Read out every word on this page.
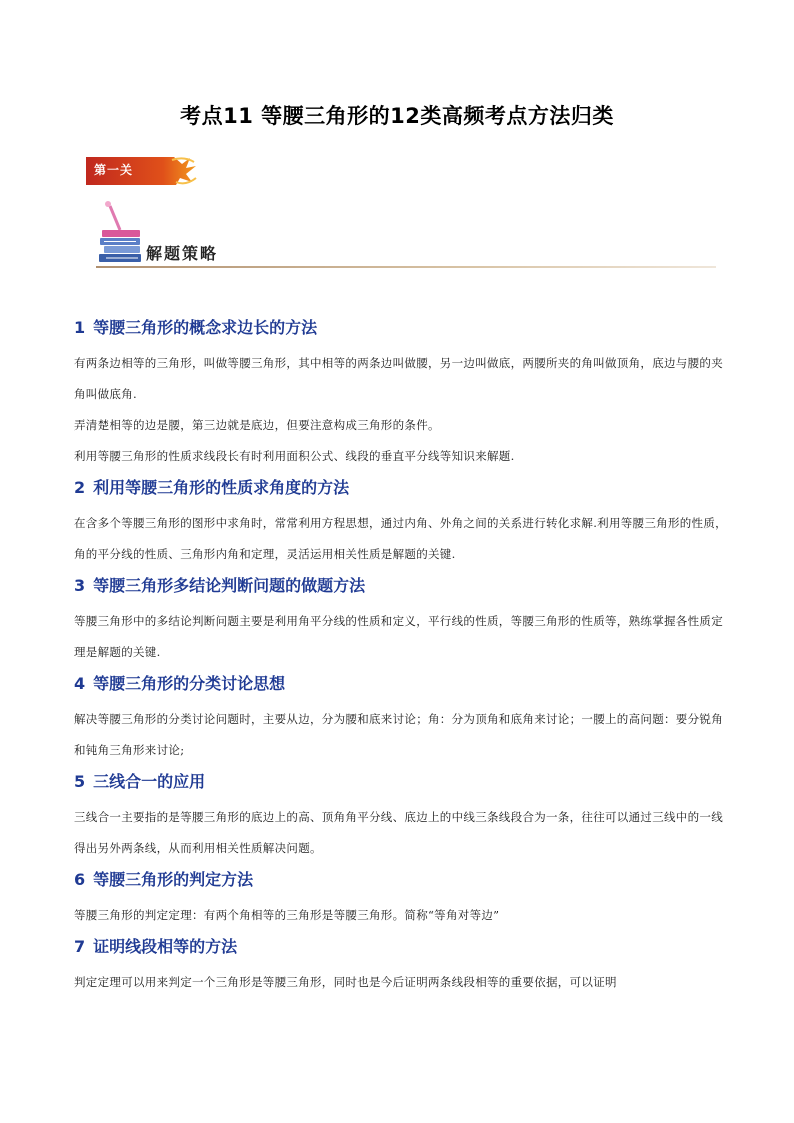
考点11 等腰三角形的12类高频考点方法归类
第一关
解题策略
1 等腰三角形的概念求边长的方法

有两条边相等的三角形，叫做等腰三角形，其中相等的两条边叫做腰，另一边叫做底，两腰所夹的角叫做顶角，底边与腰的夹角叫做底角.

弄清楚相等的边是腰，第三边就是底边，但要注意构成三角形的条件。

利用等腰三角形的性质求线段长有时利用面积公式、线段的垂直平分线等知识来解题.

2 利用等腰三角形的性质求角度的方法

在含多个等腰三角形的图形中求角时，常常利用方程思想，通过内角、外角之间的关系进行转化求解.利用等腰三角形的性质，角的平分线的性质、三角形内角和定理，灵活运用相关性质是解题的关键.

3 等腰三角形多结论判断问题的做题方法

等腰三角形中的多结论判断问题主要是利用角平分线的性质和定义，平行线的性质，等腰三角形的性质等，熟练掌握各性质定理是解题的关键.

4 等腰三角形的分类讨论思想

解决等腰三角形的分类讨论问题时，主要从边，分为腰和底来讨论；角：分为顶角和底角来讨论；一腰上的高问题：要分锐角和钝角三角形来讨论;

5 三线合一的应用

三线合一主要指的是等腰三角形的底边上的高、顶角角平分线、底边上的中线三条线段合为一条，往往可以通过三线中的一线得出另外两条线，从而利用相关性质解决问题。

6 等腰三角形的判定方法

等腰三角形的判定定理：有两个角相等的三角形是等腰三角形。简称“等角对等边”

7 证明线段相等的方法

判定定理可以用来判定一个三角形是等腰三角形，同时也是今后证明两条线段相等的重要依据，可以证明
